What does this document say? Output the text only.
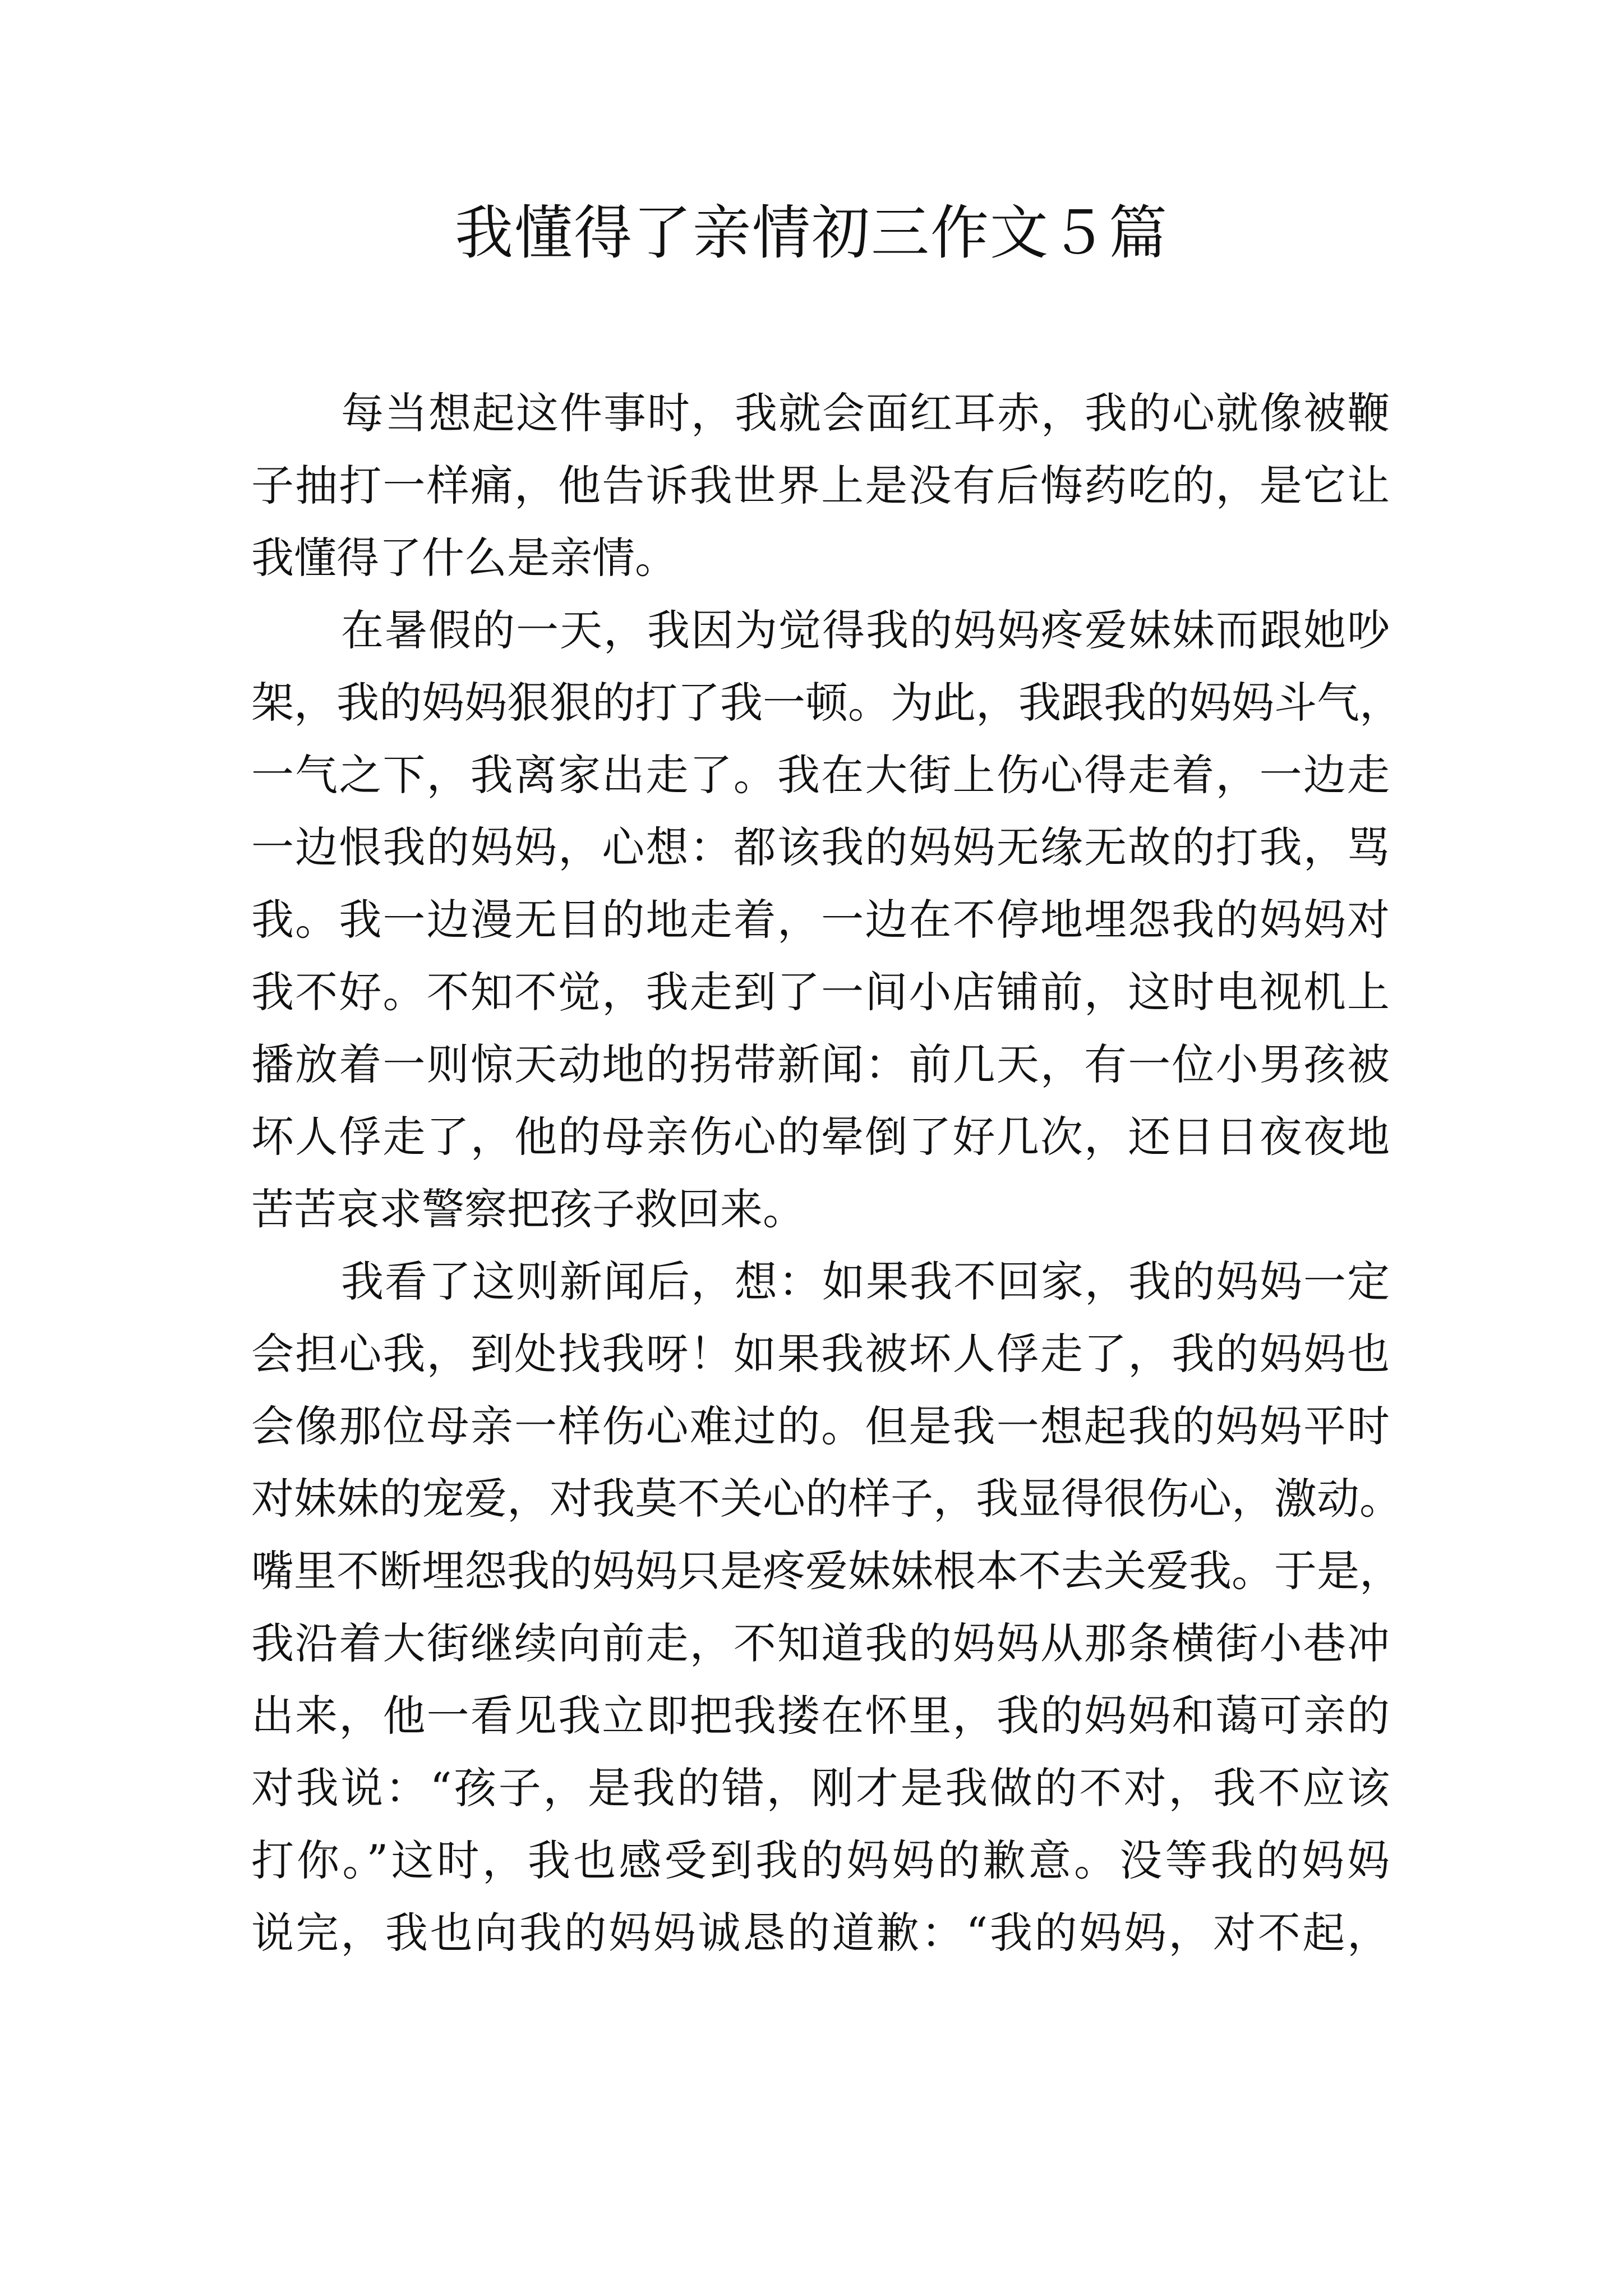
我懂得了亲情初三作文５篇
每当想起这件事时，我就会面红耳赤，我的心就像被鞭
子抽打一样痛，他告诉我世界上是没有后悔药吃的，是它让
我懂得了什么是亲情。
在暑假的一天，我因为觉得我的妈妈疼爱妹妹而跟她吵
架，我的妈妈狠狠的打了我一顿。为此，我跟我的妈妈斗气，
一气之下，我离家出走了。我在大街上伤心得走着，一边走
一边恨我的妈妈，心想：都该我的妈妈无缘无故的打我，骂
我。我一边漫无目的地走着，一边在不停地埋怨我的妈妈对
我不好。不知不觉，我走到了一间小店铺前，这时电视机上
播放着一则惊天动地的拐带新闻：前几天，有一位小男孩被
坏人俘走了，他的母亲伤心的晕倒了好几次，还日日夜夜地
苦苦哀求警察把孩子救回来。
我看了这则新闻后，想：如果我不回家，我的妈妈一定
会担心我，到处找我呀！如果我被坏人俘走了，我的妈妈也
会像那位母亲一样伤心难过的。但是我一想起我的妈妈平时
对妹妹的宠爱，对我莫不关心的样子，我显得很伤心，激动。
嘴里不断埋怨我的妈妈只是疼爱妹妹根本不去关爱我。于是，
我沿着大街继续向前走，不知道我的妈妈从那条横街小巷冲
出来，他一看见我立即把我搂在怀里，我的妈妈和蔼可亲的
对我说：“孩子，是我的错，刚才是我做的不对，我不应该
打你。”这时，我也感受到我的妈妈的歉意。没等我的妈妈
说完，我也向我的妈妈诚恳的道歉：“我的妈妈，对不起，
